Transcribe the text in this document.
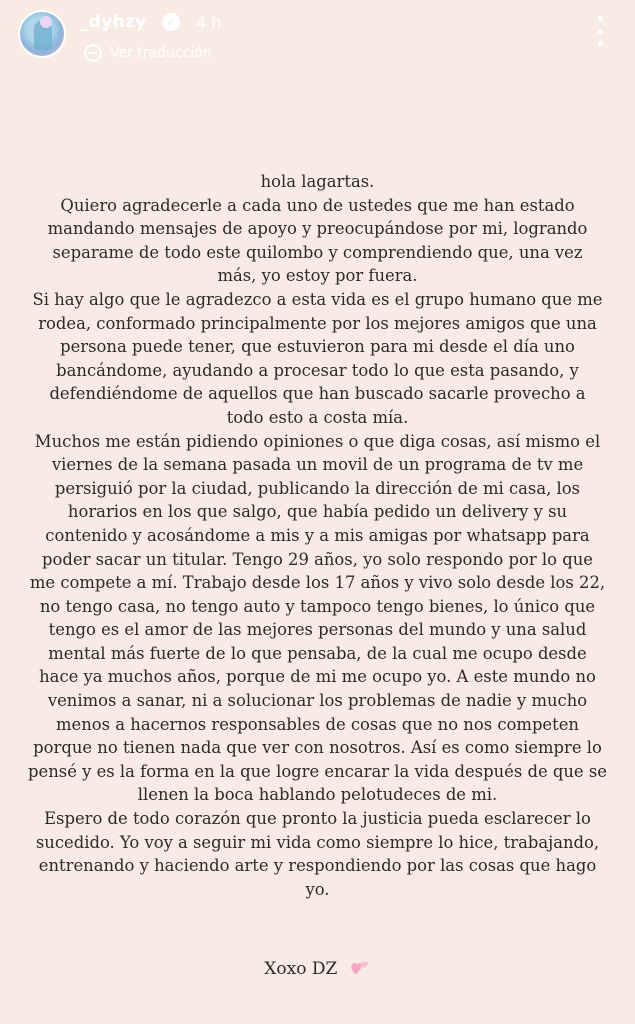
_dyhzy	✓ 4 h
Ver traducción
hola lagartas.
Quiero agradecerle a cada uno de ustedes que me han estado
mandando mensajes de apoyo y preocupándose por mi, logrando
separame de todo este quilombo y comprendiendo que, una vez
más, yo estoy por fuera.
Si hay algo que le agradezco a esta vida es el grupo humano que me
rodea, conformado principalmente por los mejores amigos que una
persona puede tener, que estuvieron para mi desde el día uno
bancándome, ayudando a procesar todo lo que esta pasando, y
defendiéndome de aquellos que han buscado sacarle provecho a
todo esto a costa mía.
Muchos me están pidiendo opiniones o que diga cosas, así mismo el
viernes de la semana pasada un movil de un programa de tv me
persiguió por la ciudad, publicando la dirección de mi casa, los
horarios en los que salgo, que había pedido un delivery y su
contenido y acosándome a mis y a mis amigas por whatsapp para
poder sacar un titular. Tengo 29 años, yo solo respondo por lo que
me compete a mí. Trabajo desde los 17 años y vivo solo desde los 22,
no tengo casa, no tengo auto y tampoco tengo bienes, lo único que
tengo es el amor de las mejores personas del mundo y una salud
mental más fuerte de lo que pensaba, de la cual me ocupo desde
hace ya muchos años, porque de mi me ocupo yo. A este mundo no
venimos a sanar, ni a solucionar los problemas de nadie y mucho
menos a hacernos responsables de cosas que no nos competen
porque no tienen nada que ver con nosotros. Así es como siempre lo
pensé y es la forma en la que logre encarar la vida después de que se
llenen la boca hablando pelotudeces de mi.
Espero de todo corazón que pronto la justicia pueda esclarecer lo
sucedido. Yo voy a seguir mi vida como siempre lo hice, trabajando,
entrenando y haciendo arte y respondiendo por las cosas que hago
yo.
Xoxo DZ
